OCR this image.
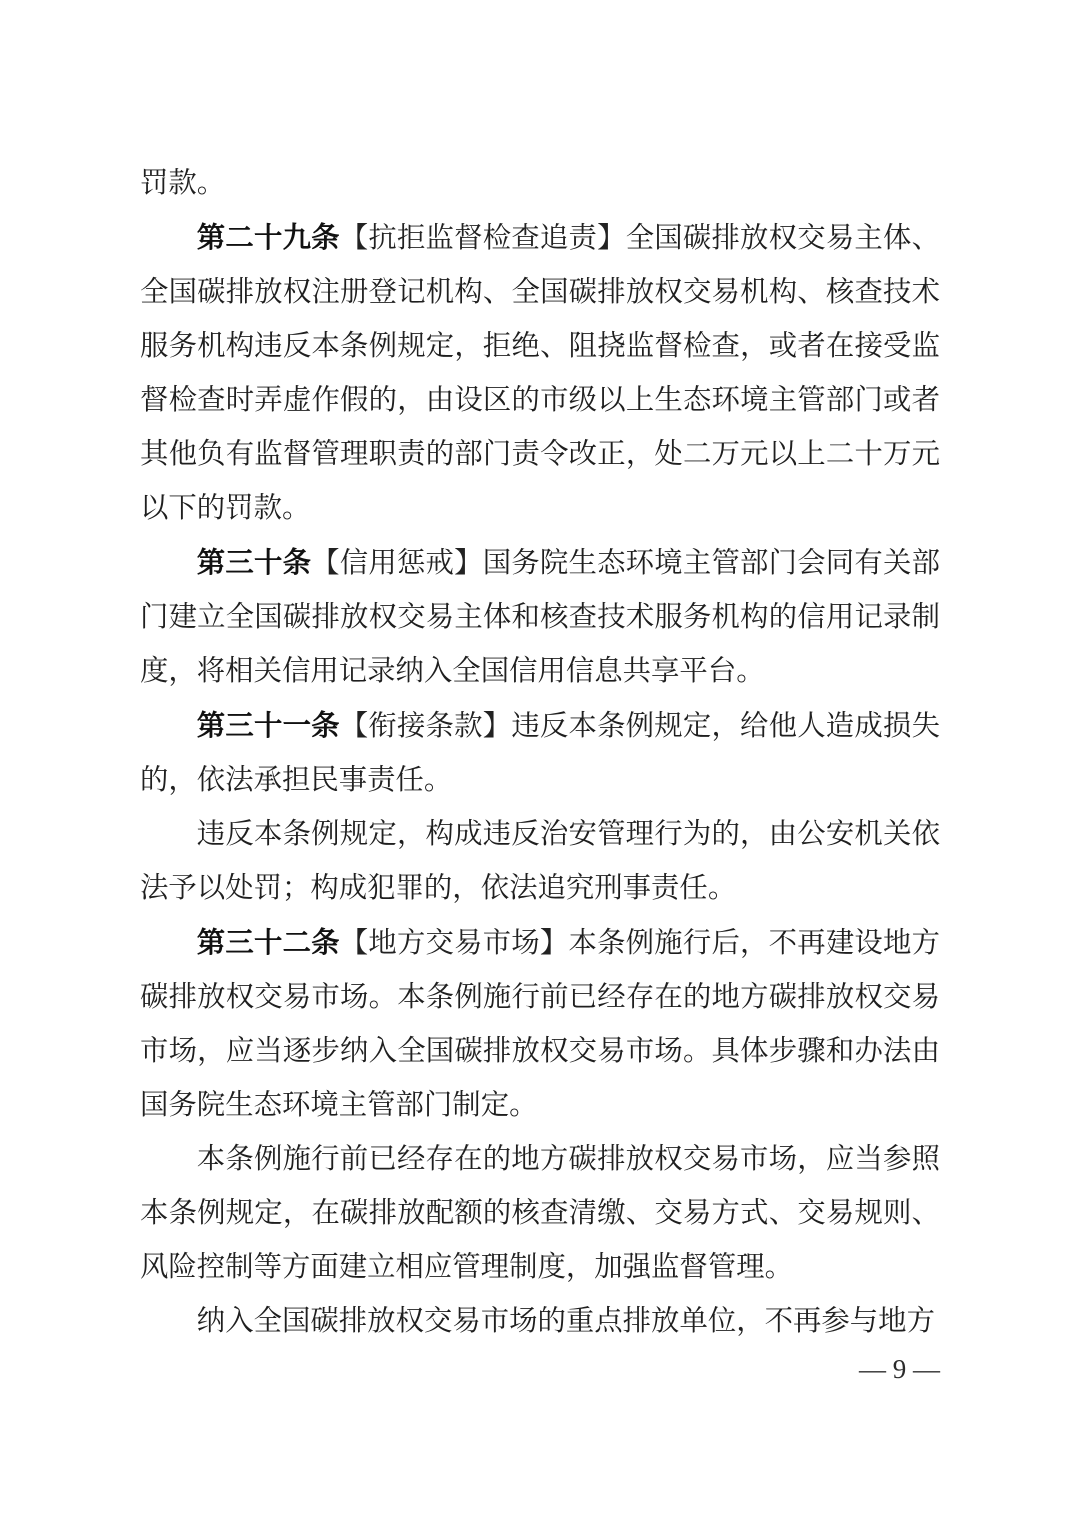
罚款。

第二十九条【抗拒监督检查追责】全国碳排放权交易主体、全国碳排放权注册登记机构、全国碳排放权交易机构、核查技术服务机构违反本条例规定，拒绝、阻挠监督检查，或者在接受监督检查时弄虚作假的，由设区的市级以上生态环境主管部门或者其他负有监督管理职责的部门责令改正，处二万元以上二十万元以下的罚款。

第三十条【信用惩戒】国务院生态环境主管部门会同有关部门建立全国碳排放权交易主体和核查技术服务机构的信用记录制度，将相关信用记录纳入全国信用信息共享平台。

第三十一条【衔接条款】违反本条例规定，给他人造成损失的，依法承担民事责任。

违反本条例规定，构成违反治安管理行为的，由公安机关依法予以处罚；构成犯罪的，依法追究刑事责任。

第三十二条【地方交易市场】本条例施行后，不再建设地方碳排放权交易市场。本条例施行前已经存在的地方碳排放权交易市场，应当逐步纳入全国碳排放权交易市场。具体步骤和办法由国务院生态环境主管部门制定。

本条例施行前已经存在的地方碳排放权交易市场，应当参照本条例规定，在碳排放配额的核查清缴、交易方式、交易规则、风险控制等方面建立相应管理制度，加强监督管理。

纳入全国碳排放权交易市场的重点排放单位，不再参与地方

— 9 —
